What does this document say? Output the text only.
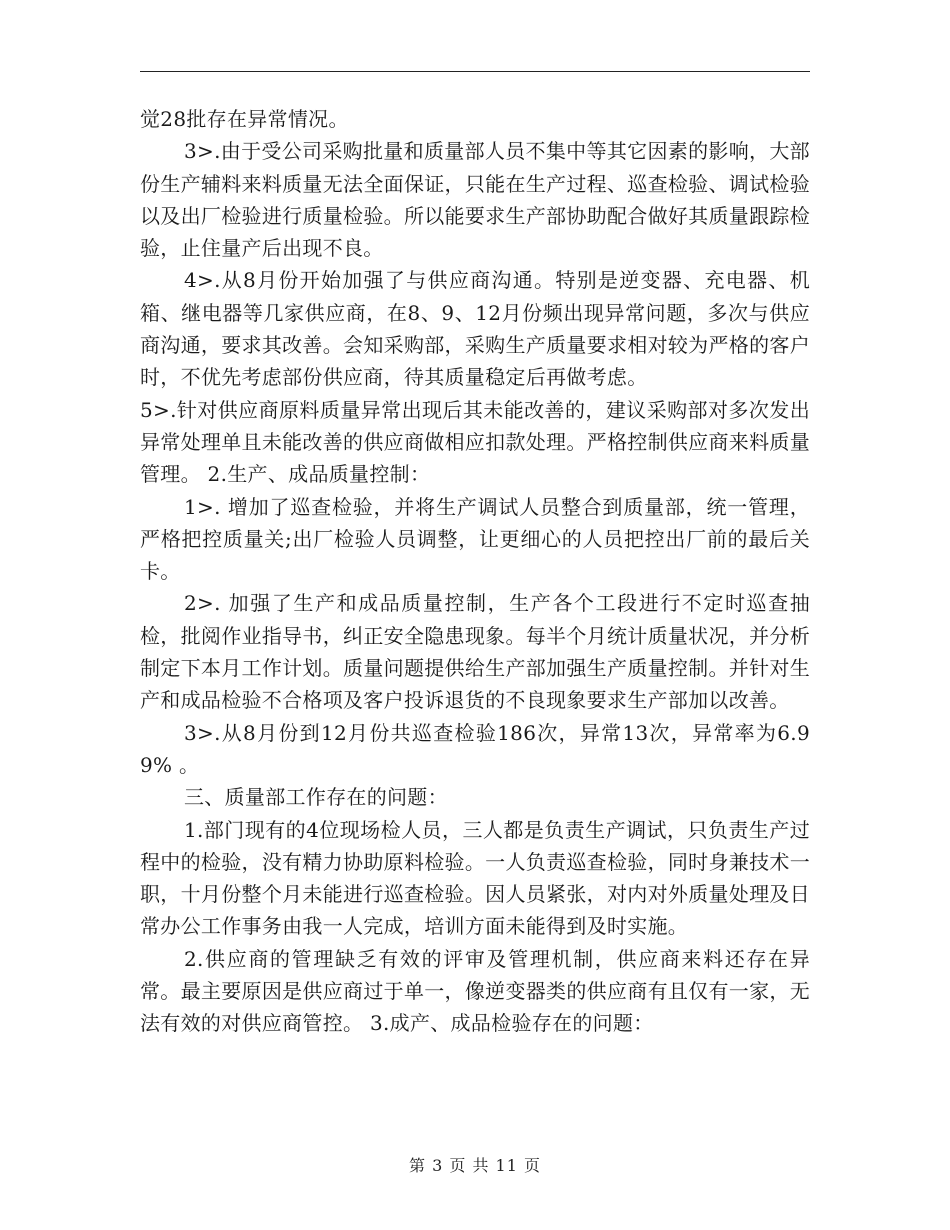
觉28批存在异常情况。

3>.由于受公司采购批量和质量部人员不集中等其它因素的影响，大部份生产辅料来料质量无法全面保证，只能在生产过程、巡查检验、调试检验以及出厂检验进行质量检验。所以能要求生产部协助配合做好其质量跟踪检验，止住量产后出现不良。

4>.从8月份开始加强了与供应商沟通。特别是逆变器、充电器、机箱、继电器等几家供应商，在8、9、12月份频出现异常问题，多次与供应商沟通，要求其改善。会知采购部，采购生产质量要求相对较为严格的客户时，不优先考虑部份供应商，待其质量稳定后再做考虑。

5>.针对供应商原料质量异常出现后其未能改善的，建议采购部对多次发出异常处理单且未能改善的供应商做相应扣款处理。严格控制供应商来料质量管理。 2.生产、成品质量控制：

1>. 增加了巡查检验，并将生产调试人员整合到质量部，统一管理，严格把控质量关;出厂检验人员调整，让更细心的人员把控出厂前的最后关卡。

2>. 加强了生产和成品质量控制，生产各个工段进行不定时巡查抽检，批阅作业指导书，纠正安全隐患现象。每半个月统计质量状况，并分析制定下本月工作计划。质量问题提供给生产部加强生产质量控制。并针对生产和成品检验不合格项及客户投诉退货的不良现象要求生产部加以改善。

3>.从8月份到12月份共巡查检验186次，异常13次，异常率为6.99% 。

三、质量部工作存在的问题：

1.部门现有的4位现场检人员，三人都是负责生产调试，只负责生产过程中的检验，没有精力协助原料检验。一人负责巡查检验，同时身兼技术一职，十月份整个月未能进行巡查检验。因人员紧张，对内对外质量处理及日常办公工作事务由我一人完成，培训方面未能得到及时实施。

2.供应商的管理缺乏有效的评审及管理机制，供应商来料还存在异常。最主要原因是供应商过于单一，像逆变器类的供应商有且仅有一家，无法有效的对供应商管控。 3.成产、成品检验存在的问题：

第 3 页 共 11 页
